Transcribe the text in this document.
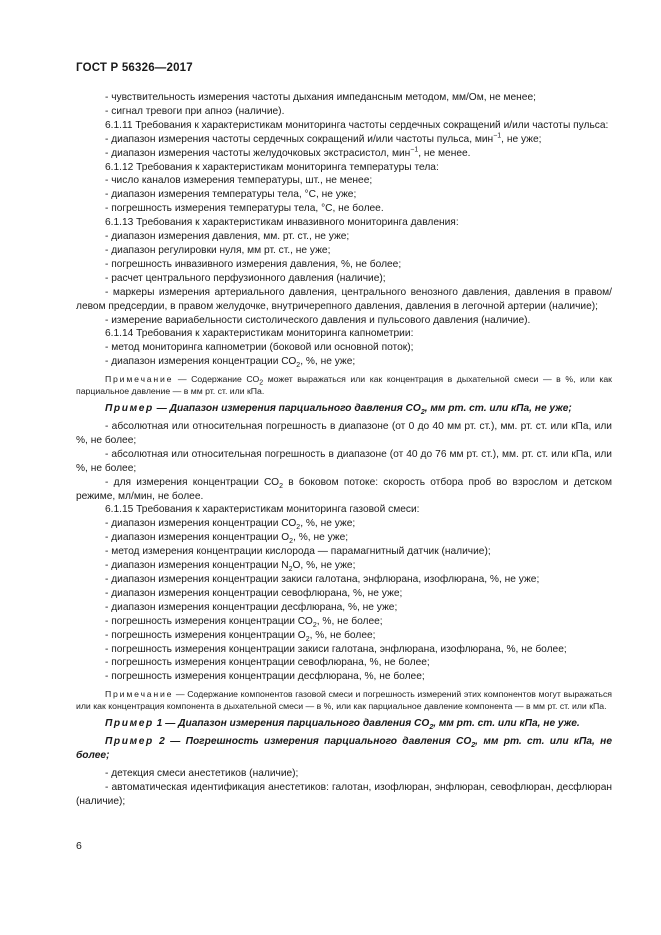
ГОСТ Р 56326—2017

- чувствительность измерения частоты дыхания импедансным методом, мм/Ом, не менее;

- сигнал тревоги при апноэ (наличие).

6.1.11 Требования к характеристикам мониторинга частоты сердечных сокращений и/или частоты пульса:

- диапазон измерения частоты сердечных сокращений и/или частоты пульса, мин$^{-1}$, не уже;

- диапазон измерения частоты желудочковых экстрасистол, мин$^{-1}$, не менее.

6.1.12 Требования к характеристикам мониторинга температуры тела:

- число каналов измерения температуры, шт., не менее;

- диапазон измерения температуры тела, °С, не уже;

- погрешность измерения температуры тела, °С, не более.

6.1.13 Требования к характеристикам инвазивного мониторинга давления:

- диапазон измерения давления, мм. рт. ст., не уже;

- диапазон регулировки нуля, мм рт. ст., не уже;

- погрешность инвазивного измерения давления, %, не более;

- расчет центрального перфузионного давления (наличие);

- маркеры измерения артериального давления, центрального венозного давления, давления в правом/левом предсердии, в правом желудочке, внутричерепного давления, давления в легочной артерии (наличие);

- измерение вариабельности систолического давления и пульсового давления (наличие).

6.1.14 Требования к характеристикам мониторинга капнометрии:

- метод мониторинга капнометрии (боковой или основной поток);

- диапазон измерения концентрации $СО_2$, %, не уже;

Примечание — Содержание $СО_2$ может выражаться или как концентрация в дыхательной смеси — в %, или как парциальное давление — в мм рт. ст. или кПа.

Пример — Диапазон измерения парциального давления $СО_2$, мм рт. ст. или кПа, не уже;

- абсолютная или относительная погрешность в диапазоне (от 0 до 40 мм рт. ст.), мм. рт. ст. или кПа, или %, не более;

- абсолютная или относительная погрешность в диапазоне (от 40 до 76 мм рт. ст.), мм. рт. ст. или кПа, или %, не более;

- для измерения концентрации $СО_2$ в боковом потоке: скорость отбора проб во взрослом и детском режиме, мл/мин, не более.

6.1.15 Требования к характеристикам мониторинга газовой смеси:

- диапазон измерения концентрации $СО_2$, %, не уже;

- диапазон измерения концентрации $О_2$, %, не уже;

- метод измерения концентрации кислорода — парамагнитный датчик (наличие);

- диапазон измерения концентрации $N_2O$, %, не уже;

- диапазон измерения концентрации закиси галотана, энфлюрана, изофлюрана, %, не уже;

- диапазон измерения концентрации севофлюрана, %, не уже;

- диапазон измерения концентрации десфлюрана, %, не уже;

- погрешность измерения концентрации $СО_2$, %, не более;

- погрешность измерения концентрации $О_2$, %, не более;

- погрешность измерения концентрации закиси галотана, энфлюрана, изофлюрана, %, не более;

- погрешность измерения концентрации севофлюрана, %, не более;

- погрешность измерения концентрации десфлюрана, %, не более;

Примечание — Содержание компонентов газовой смеси и погрешность измерений этих компонентов могут выражаться или как концентрация компонента в дыхательной смеси — в %, или как парциальное давление компонента — в мм рт. ст. или кПа.

Пример 1 — Диапазон измерения парциального давления $СО_2$, мм рт. ст. или кПа, не уже.

Пример 2 — Погрешность измерения парциального давления $СО_2$, мм рт. ст. или кПа, не более;

- детекция смеси анестетиков (наличие);

- автоматическая идентификация анестетиков: галотан, изофлюран, энфлюран, севофлюран, десфлюран (наличие);

6
